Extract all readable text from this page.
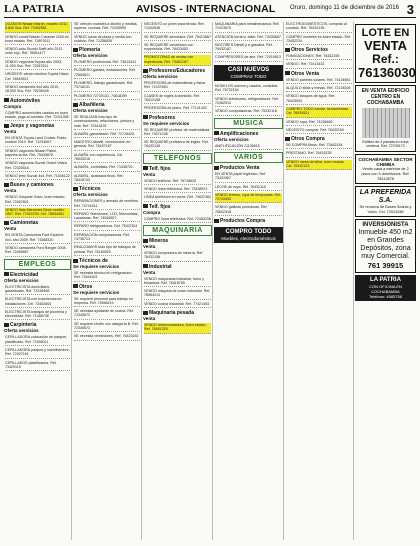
LA PATRIA	AVISOS - INTERNACIONAL Oruro, domingo 11 de diciembre de 2016 3
OCASIÓN Nissan March, modelo 2011, 8.800 Sus. Ref. 73492551
VENDO combi Nissan Caravan 2000 en buen estado. Ref. 71897611
VENDO auto Suzuki Swift año 2013 color rojo. Ref. 76561477
VENDO vagoneta Toyota año 2005, 11.000 Sus. Ref. 72347611
URGENTE vendo minibús Toyota Hiace. Cel. 76843521
VENDO camioneta 4x4 año 2010, 18.500 Sus. Ref. 76236445
Automóviles
Compra
COMPRO automóviles usados en buen estado, pago al contado. Ref. 72411356
Jeeps y vagonetas
Venta
EN VENTA Toyota Land Cruiser Prado, modelo 2010. Ref. 71234567
VENDO vagoneta Nissan Patrol, papeles al día. Ref. 75439876
VENDO vagoneta Suzuki Grand Vitara. Ref. 72325518
VENDO jeep Suzuki 4x4. Ref. 71845122
Buses y camiones
Venta
VENDO Volquete Volvo, buen estado. Ref. 72467801
VENDO flota Mercedes Benz modelo 1997. Ref. 77443759. Cel. 76534451
Camionetas
Venta
EN VENTA Camioneta Ford Explorer 4x4, año 2009. Ref. 71568320
VENDO camioneta Ford Ranger 2008. Ref. 72459867
EMPLEOS
Electricidad
Oferta servicios
ELECTRICISTA domiciliario, garantizado. Ref. 72236458
ELECTRICISTA con experiencia en instalaciones. Cel. 73463663
ELECTRICISTA trabajos de plomería y electricidad. Ref. 71458796
Carpintería
Oferta servicios
CEPILLADORA colocación de parquet, plastificado. Ref. 72436011
CEPILLADORA parquet y machihembre. Ref. 72407161
CEPILLADOS plastificados. Ref. 73429115
SE ofrecen muebles a diseño y medida, roperos, cocinas. Ref. 72435599
VENDO cama de plaza y media con colchón. Ref. 71256839
Plomería
Oferta servicios
PLOMERO profesional. Ref. 73613441
PLOMERO gasista, instalaciones. Ref. 72554621
PLOMERO, trabajo garantizado. Ref. 73718131
PLOMERO 72719131, 74818399
Albañilería
Oferta servicios
SE REALIZAN todo tipo de construcciones, refacciones, pintura y más. Ref. 72341876
ALBAÑIL garantizado. Ref. 71718425
MAESTRO albañil, construcción en general. Ref. 76437187
ALBAÑIL con experiencia. Cel. 76543216
ALBAÑIL, contratista. Ref. 71436721
ALBAÑIL, acabados finos. Ref. 76418743
Técnicos
Oferta servicios
REPARACIONES y armado de muebles. Ref. 73741611
REPARO Televisores, LCD, Microondas, Lavadoras. Ref. 74546557
REPARO refrigeradores. Ref. 75437611
REPARACIÓN computadoras. Ref. 74736713
REALIZAMOS todo tipo de trabajos de pintura. Ref. 76183529
Técnicos de
Se requiere servicios
SE necesita técnico en refrigeración. Ref. 73441621
Otros
Se requiere servicios
SE requiere personal para trabajo en empresa. Ref. 74566419
SE necesita ayudante de cocina. Ref. 71345872
SE requiere chofer con categoría B. Ref. 72346673
SE necesita vendedores. Ref. 76423152
NECESITO un joven para tienda. Ref. 71342548
SE REQUIERE secretaria. Ref. 75413867
SE REQUIERE vendedora con experiencia. Ref. 76423452
PROMOTORAS de ventas con experiencia. Ref. 73462187
Profesores/Educadores
Oferta servicios
PROFESORA de matemáticas y física. Ref. 71437653
CLASES de inglés a domicilio. Ref. 76412198
PROFESORA de piano. Ref. 77141432
Profesores
Se requiere servicios
SE REQUIERE profesor de matemáticas. Ref. 73471238
SE REQUIERE profesora de inglés. Ref. 76432145
TELÉFONOS
Telf. fijos
Venta
VENDO teléfono. Ref. 76718625
VENDO línea telefónica. Ref. 75438971
LÍNEA telefónica en venta. Ref. 74637482
Telf. fijos
Compra
COMPRO línea telefónica. Ref. 72483156
MAQUINARIA
Mineros
Venta
VENDO compresora de minería. Ref. 76432158
Industrial
Venta
VENDO maquinaria industrial, torno y fresadora. Ref. 76418765
VENDO máquina de coser industrial. Ref. 76584214
VENDO cocina industrial. Ref. 77421453
Maquinaria pesada
Venta
VENDO retroexcavadora, buen estado. Ref. 76451325
MAQUINARIA para metalmecánica. Ref. 72413679
ATENCIÓN tornero, taller. Ref. 73435687
MOTORES Diésel y a gasolina. Ref. 76432187
COMPRESORES de aire. Ref. 72419813
CASI NUEVOS
COMPRAS TODO
MODELOS nuevos y usados, consultar. Ref. 76732154
VENDO televisores, refrigeradores. Ref. 72462514
VENDO computadoras. Ref. 75432116
MÚSICA
Amplificaciones
Oferta servicios
AMPLIFICACIÓN 71136615
VARIOS
Productos Venta
EN VENTA papel higiénico. Ref. 73431567
LECHE de soya. Ref. 76432115
VENDO terreno, ropa de temporada. Ref. 72743453
VENDO gallinas ponedoras. Ref. 76542318
Productos Compra
COMPRO TODO
Muebles, electrodomésticos
ELECTRODOMÉSTICOS, compras al contado. Ref. 76432135
COMPRO muebles en buen estado. Ref. 73452234
Otros Servicios
FUMIGACIONES. Ref. 76432155
VENDO. Ref. 71413432
Otros Venta
VENDO paneles solares. Ref. 74134651
ALQUILO sillas y mesas. Ref. 72134526
VENDO tanques de agua. Ref. 76425534
COMPRO TODO celular, herramientas. Cel. 76534521
VENDO ropa. Ref. 74135465
NECESITO comprar. Ref. 76432154
Otros Compra
SE COMPRA libros. Ref. 73462154
PRESTAMO. Ref. 76415235
VENDO mesa de billar, buen estado. Cel. 76432123
LOTE EN
VENTA
Ref.:
76136030
EN VENTA EDIFICIO CENTRO EN COCHABAMBA
Edificio de 4 plantas en zona céntrica. Ref. 72709173
COCHABAMBA SECTOR CHIMBA
Vendo casa a estrenar de 2 pisos con 3 dormitorios. Ref. 76413678
LA PREFERIDA S.A.
Se renueva de Buses Scania y Volvo. Cel. 72514338
INVERSIONISTA
Inmueble 450 m2 en Grandes Depósitos, zona muy Comercial.
761 39915
LA PATRIA
CON OFICINA EN COCHABAMBA
Teléfono: 4583758
